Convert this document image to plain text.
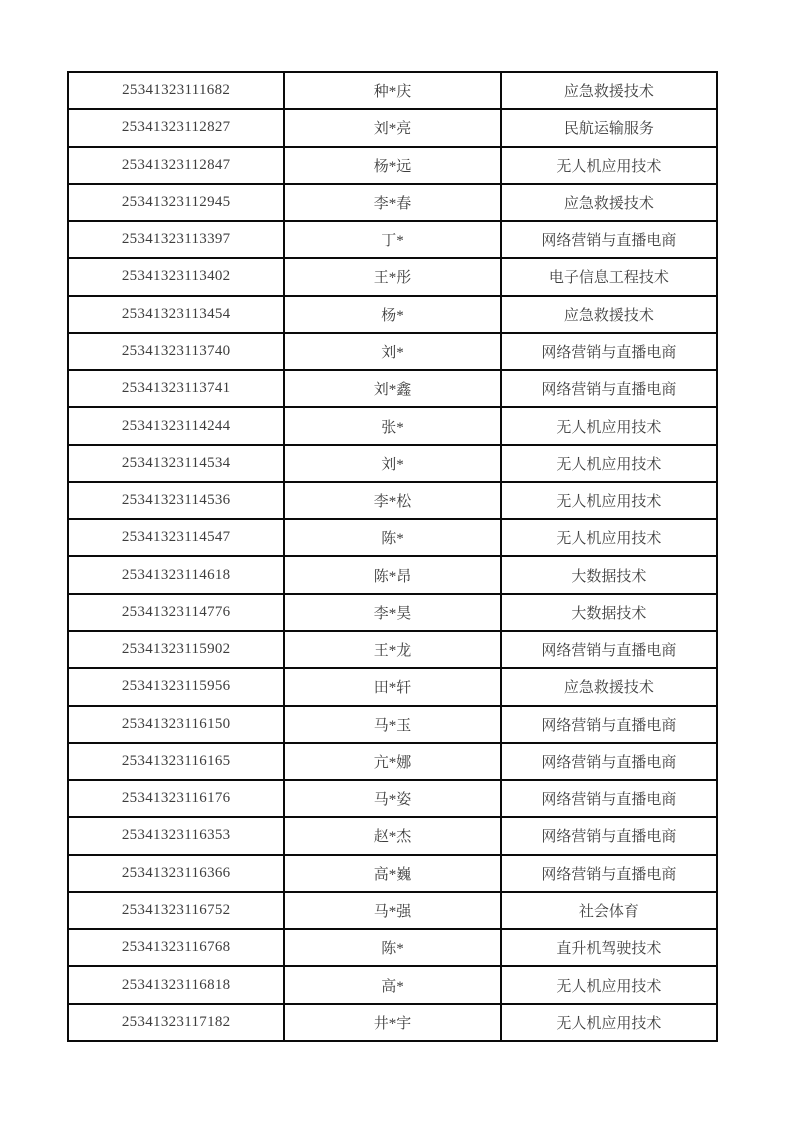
25341323111682	种*庆	应急救援技术
25341323112827	刘*亮	民航运输服务
25341323112847	杨*远	无人机应用技术
25341323112945	李*春	应急救援技术
25341323113397	丁*	网络营销与直播电商
25341323113402	王*彤	电子信息工程技术
25341323113454	杨*	应急救援技术
25341323113740	刘*	网络营销与直播电商
25341323113741	刘*鑫	网络营销与直播电商
25341323114244	张*	无人机应用技术
25341323114534	刘*	无人机应用技术
25341323114536	李*松	无人机应用技术
25341323114547	陈*	无人机应用技术
25341323114618	陈*昂	大数据技术
25341323114776	李*昊	大数据技术
25341323115902	王*龙	网络营销与直播电商
25341323115956	田*轩	应急救援技术
25341323116150	马*玉	网络营销与直播电商
25341323116165	亢*娜	网络营销与直播电商
25341323116176	马*姿	网络营销与直播电商
25341323116353	赵*杰	网络营销与直播电商
25341323116366	高*巍	网络营销与直播电商
25341323116752	马*强	社会体育
25341323116768	陈*	直升机驾驶技术
25341323116818	高*	无人机应用技术
25341323117182	井*宇	无人机应用技术
